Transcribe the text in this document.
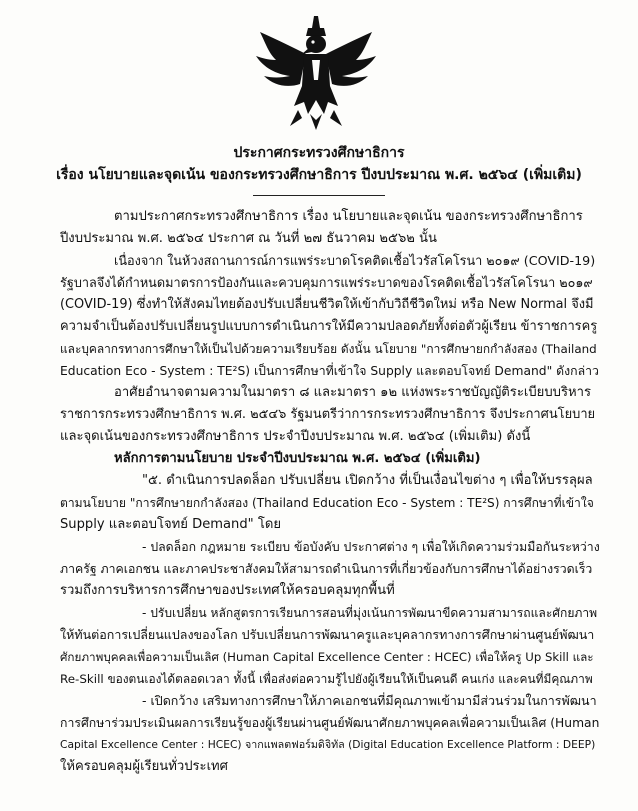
ประกาศกระทรวงศึกษาธิการ
เรื่อง นโยบายและจุดเน้น ของกระทรวงศึกษาธิการ ปีงบประมาณ พ.ศ. ๒๕๖๔ (เพิ่มเติม)
ตามประกาศกระทรวงศึกษาธิการ เรื่อง นโยบายและจุดเน้น ของกระทรวงศึกษาธิการ
ปีงบประมาณ พ.ศ. ๒๕๖๔ ประกาศ ณ วันที่ ๒๗ ธันวาคม ๒๕๖๒ นั้น
เนื่องจาก ในห้วงสถานการณ์การแพร่ระบาดโรคติดเชื้อไวรัสโคโรนา ๒๐๑๙ (COVID-19)
รัฐบาลจึงได้กำหนดมาตรการป้องกันและควบคุมการแพร่ระบาดของโรคติดเชื้อไวรัสโคโรนา ๒๐๑๙
(COVID-19) ซึ่งทำให้สังคมไทยต้องปรับเปลี่ยนชีวิตให้เข้ากับวิถีชีวิตใหม่ หรือ New Normal จึงมี
ความจำเป็นต้องปรับเปลี่ยนรูปแบบการดำเนินการให้มีความปลอดภัยทั้งต่อตัวผู้เรียน ข้าราชการครู
และบุคลากรทางการศึกษาให้เป็นไปด้วยความเรียบร้อย ดังนั้น นโยบาย "การศึกษายกกำลังสอง (Thailand
Education Eco - System : TE²S) เป็นการศึกษาที่เข้าใจ Supply และตอบโจทย์ Demand" ดังกล่าว
อาศัยอำนาจตามความในมาตรา ๘ และมาตรา ๑๒ แห่งพระราชบัญญัติระเบียบบริหาร
ราชการกระทรวงศึกษาธิการ พ.ศ. ๒๕๔๖ รัฐมนตรีว่าการกระทรวงศึกษาธิการ จึงประกาศนโยบาย
และจุดเน้นของกระทรวงศึกษาธิการ ประจำปีงบประมาณ พ.ศ. ๒๕๖๔ (เพิ่มเติม) ดังนี้
หลักการตามนโยบาย ประจำปีงบประมาณ พ.ศ. ๒๕๖๔ (เพิ่มเติม)
"๕. ดำเนินการปลดล็อก ปรับเปลี่ยน เปิดกว้าง ที่เป็นเงื่อนไขต่าง ๆ เพื่อให้บรรลุผล
ตามนโยบาย "การศึกษายกกำลังสอง (Thailand Education Eco - System : TE²S) การศึกษาที่เข้าใจ
Supply และตอบโจทย์ Demand" โดย
- ปลดล็อก กฎหมาย ระเบียบ ข้อบังคับ ประกาศต่าง ๆ เพื่อให้เกิดความร่วมมือกันระหว่าง
ภาครัฐ ภาคเอกชน และภาคประชาสังคมให้สามารถดำเนินการที่เกี่ยวข้องกับการศึกษาได้อย่างรวดเร็ว
รวมถึงการบริหารการศึกษาของประเทศให้ครอบคลุมทุกพื้นที่
- ปรับเปลี่ยน หลักสูตรการเรียนการสอนที่มุ่งเน้นการพัฒนาขีดความสามารถและศักยภาพ
ให้ทันต่อการเปลี่ยนแปลงของโลก ปรับเปลี่ยนการพัฒนาครูและบุคลากรทางการศึกษาผ่านศูนย์พัฒนา
ศักยภาพบุคคลเพื่อความเป็นเลิศ (Human Capital Excellence Center : HCEC) เพื่อให้ครู Up Skill และ
Re-Skill ของตนเองได้ตลอดเวลา ทั้งนี้ เพื่อส่งต่อความรู้ไปยังผู้เรียนให้เป็นคนดี คนเก่ง และคนที่มีคุณภาพ
- เปิดกว้าง เสริมทางการศึกษาให้ภาคเอกชนที่มีคุณภาพเข้ามามีส่วนร่วมในการพัฒนา
การศึกษาร่วมประเมินผลการเรียนรู้ของผู้เรียนผ่านศูนย์พัฒนาศักยภาพบุคคลเพื่อความเป็นเลิศ (Human
Capital Excellence Center : HCEC) จากแพลตฟอร์มดิจิทัล (Digital Education Excellence Platform : DEEP)
ให้ครอบคลุมผู้เรียนทั่วประเทศ
